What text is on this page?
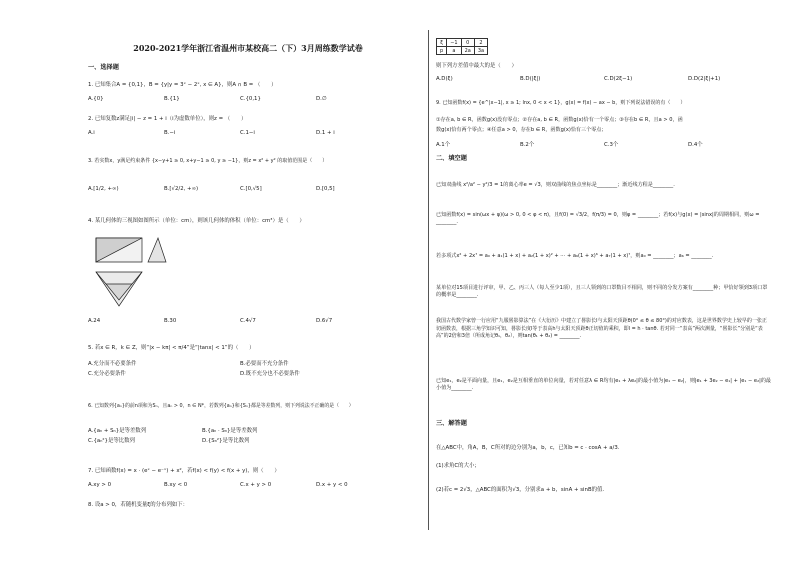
2020-2021学年浙江省温州市某校高二（下）3月周练数学试卷
一、选择题
1. 已知集合A = {0,1}，B = {y|y = 3ˣ − 2ˣ, x ∈ A}，则A ∩ B = （　　）
A.{0}	B.{1}	C.{0,1}	D.∅
2. 已知复数z满足|i| − z = 1 + i（i为虚数单位），则z = （　　）
A.i	B.−i	C.1−i	D.1 + i
3. 若实数x，y满足约束条件 {x−y+1 ≥ 0, x+y−1 ≥ 0, y ≥ −1}，则z = x² + y² 的取值范围是（　　）
A.[1/2, +∞)	B.[√2/2, +∞)	C.[0,√5]	D.[0,5]
4. 某几何体的三视图如图所示（单位：cm），则该几何体的体积（单位：cm³）是（　　）
A.24	B.30	C.4√7	D.6√7
5. 若x ∈ R，k ∈ Z，则“|x − kπ| < π/4”是“|tanx| < 1”的（　　）
A.充分而不必要条件	B.必要而不充分条件
C.充分必要条件	D.既不充分也不必要条件
6. 已知数列{aₙ}的前n项和为Sₙ，且aₙ > 0，n ∈ N*，若数列{aₙ}和{Sₙ}都是等差数列，则下列说法不正确的是（　　）
A.{aₙ + Sₙ}是等差数列	B.{aₙ · Sₙ}是等差数列
C.{aₙ²}是等比数列	D.{Sₙ²}是等比数列
7. 已知函数f(x) = x · (eˣ − e⁻ˣ) + x²，若f(x) < f(y) < f(x + y)，则（　　）
A.xy > 0	B.xy < 0	C.x + y > 0	D.x + y < 0
8. 设a > 0，若随机变量ξ的分布列如下：
ξ	−1	0	2
p	a	2a	3a
则下列方差值中最大的是（　　）
A.D(ξ)	B.D(|ξ|)	C.D(2ξ−1)	D.D(2|ξ|+1)
9. 已知函数f(x) = {e^|x−1|, x ≥ 1; lnx, 0 < x < 1}，g(x) = f(x) − ax − b，则下列说法错误的有（　　）
①存在a, b ∈ R，函数g(x)没有零点；②存在a, b ∈ R，函数g(x)恰有一个零点；③存在b ∈ R，且a > 0，函
数g(x)恰有两个零点；④任意a > 0，存在b ∈ R，函数g(x)恰有三个零点；
A.1个	B.2个	C.3个	D.4个
二、填空题
已知双曲线 x²/a² − y²/3 = 1的离心率e = √3，则双曲线的焦点坐标是________；渐近线方程是________.
已知函数f(x) = sin(ωx + φ)(ω > 0, 0 < φ < π)，且f(0) = √3/2，f(π/3) = 0，则φ = ________；若f(x)与g(x) = |sinx|的周期相同，则ω = ________.
若多项式x² + 2x⁷ = a₀ + a₁(1 + x) + a₂(1 + x)² + ⋯ + a₆(1 + x)⁶ + a₇(1 + x)⁷，则a₀ = ________；a₆ = ________.
某单位对15项目进行评审，甲、乙、丙三人（每人至少1项），且三人领到的口罩数目不相同，则不同的分发方案有________种；甲恰好领到3项口罩的概率是________.
我国古代数学家曾一行应用“九服晷影算法”在《大衍历》中建立了晷影长l与太阳天顶距θ(0° ≤ θ ≤ 80°)的对应数表，这是世界数学史上较早的一张正切函数表，根据三角学知识可知，晷影长度l等于表高h与太阳天顶距θ正切值的乘积，即l = h · tanθ. 若对同一“表高”两次测量，“晷影长”分别是“表高”的2倍和3倍（所成角记θ₁，θ₂），则tan(θ₁ + θ₂) = ________.
已知e₁，e₂是平面向量，且e₁，e₂是互相垂直的单位向量，若对任意λ ∈ R均有|e₁ + λe₂|的最小值为|e₁ − e₂|，则|e₁ + 3e₂ − e₁| + |e₁ − e₂|的最小值为________.
三、解答题
在△ABC中，角A，B，C所对的边分别为a，b，c，已知b = c · cosA + a/3.
(1)求角C的大小；
(2)若c = 2√3，△ABC的面积为√3，分别求a + b，sinA + sinB的值.
